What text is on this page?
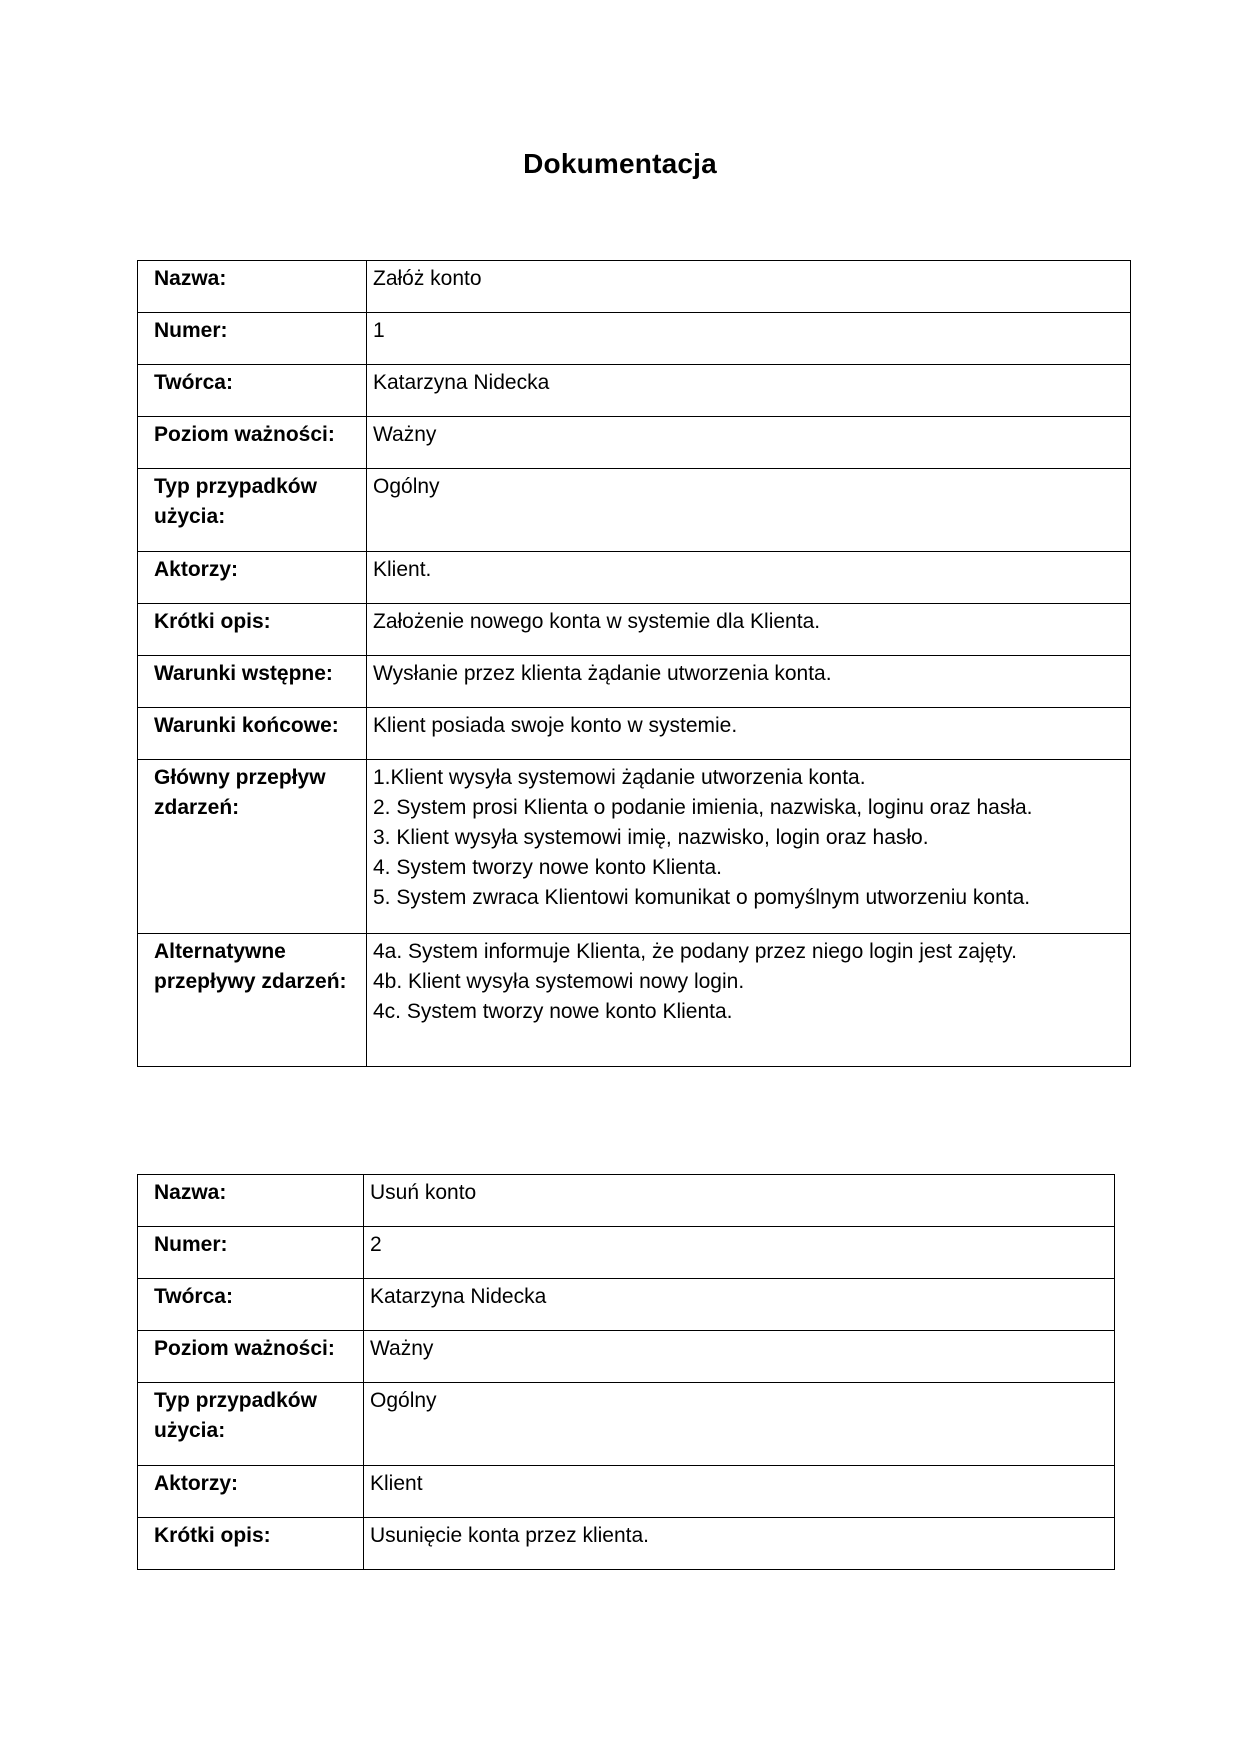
Dokumentacja
Nazwa:	Załóż konto
Numer:	1
Twórca:	Katarzyna Nidecka
Poziom ważności:	Ważny
Typ przypadków użycia:	Ogólny
Aktorzy:	Klient.
Krótki opis:	Założenie nowego konta w systemie dla Klienta.
Warunki wstępne:	Wysłanie przez klienta żądanie utworzenia konta.
Warunki końcowe:	Klient posiada swoje konto w systemie.
Główny przepływ zdarzeń:	1.Klient wysyła systemowi żądanie utworzenia konta.
2. System prosi Klienta o podanie imienia, nazwiska, loginu oraz hasła.
3. Klient wysyła systemowi imię, nazwisko, login oraz hasło.
4. System tworzy nowe konto Klienta.
5. System zwraca Klientowi komunikat o pomyślnym utworzeniu konta.

Alternatywne przepływy zdarzeń:	4a. System informuje Klienta, że podany przez niego login jest zajęty.
4b. Klient wysyła systemowi nowy login.
4c. System tworzy nowe konto Klienta.
Nazwa:	Usuń konto
Numer:	2
Twórca:	Katarzyna Nidecka
Poziom ważności:	Ważny
Typ przypadków użycia:	Ogólny
Aktorzy:	Klient
Krótki opis:	Usunięcie konta przez klienta.
